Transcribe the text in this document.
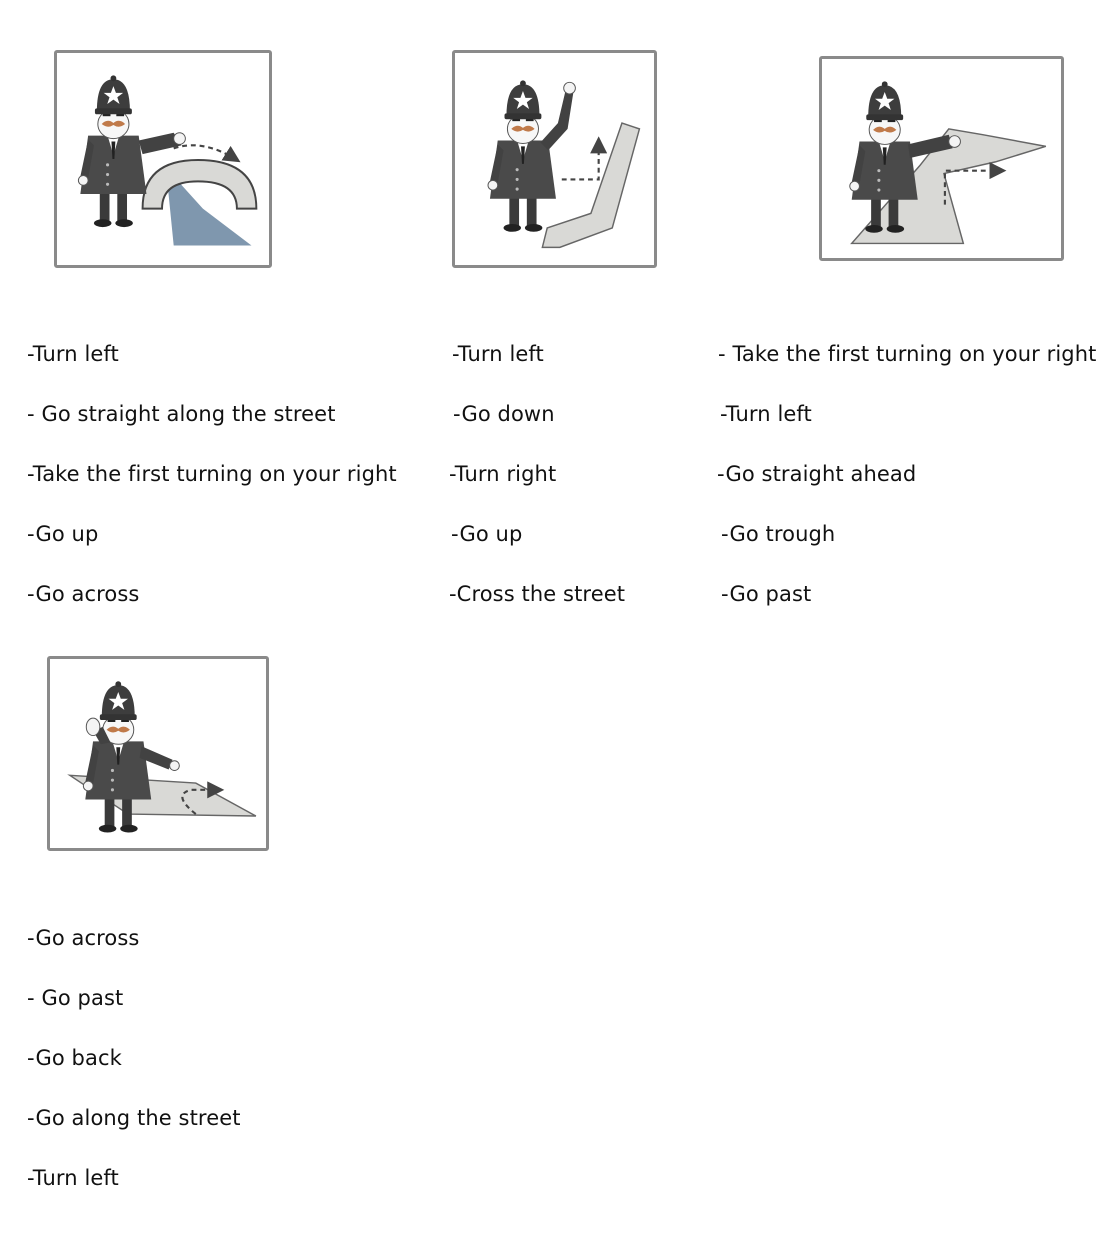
-Turn left
- Go straight along the street
-Take the first turning on your right
-Go up
-Go across
-Turn left
-Go down
-Turn right
-Go up
-Cross the street
- Take the first turning on your right
-Turn left
-Go straight ahead
-Go trough
-Go past
-Go across
- Go past
-Go back
-Go along the street
-Turn left
